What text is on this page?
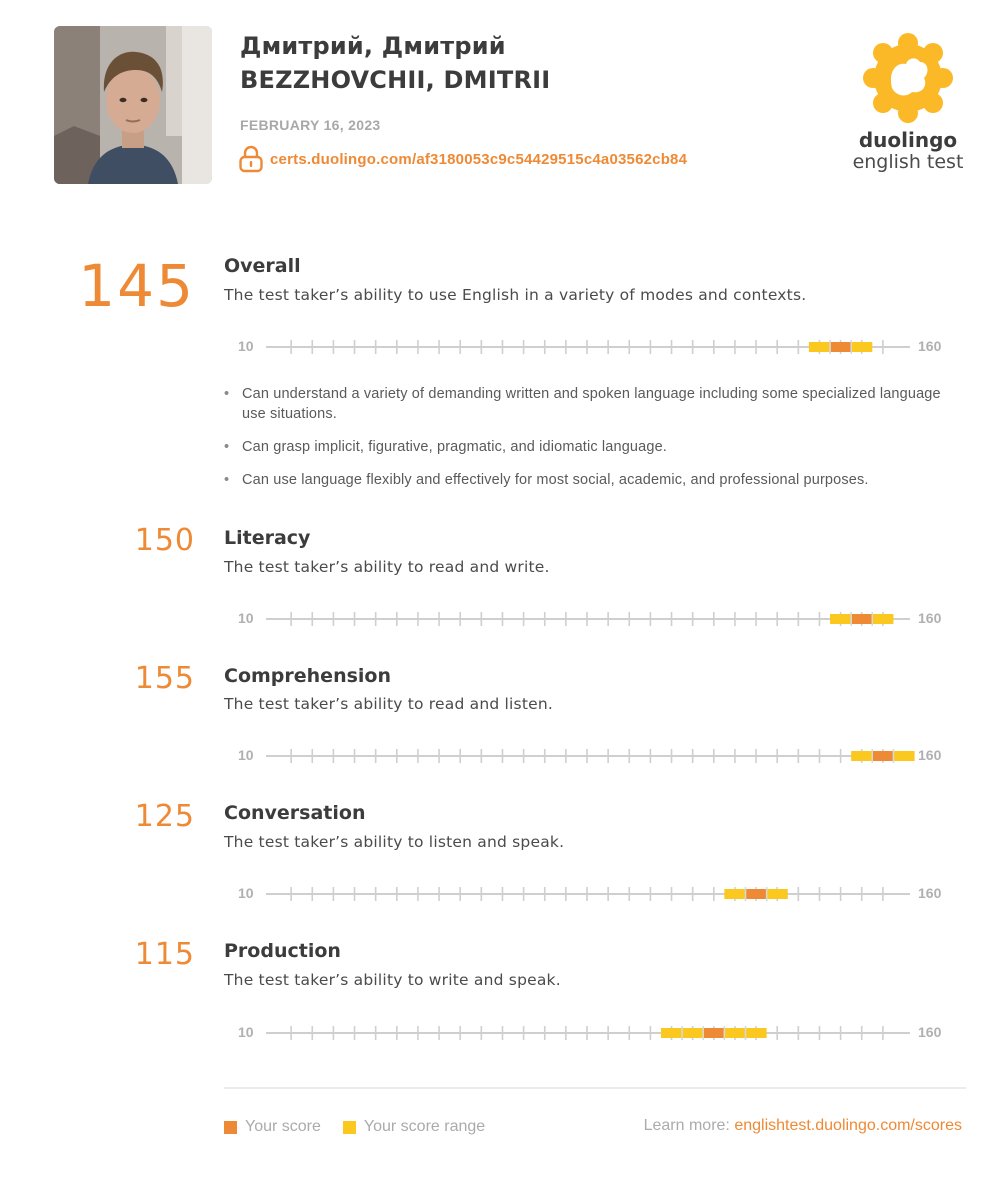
Дмитрий, Дмитрий
BEZZHOVCHII, DMITRII
FEBRUARY 16, 2023
certs.duolingo.com/af3180053c9c54429515c4a03562cb84
duolingo
english test
145 Overall
The test taker’s ability to use English in a variety of modes and contexts.
10	160
• Can understand a variety of demanding written and spoken language including some specialized language use situations.
• Can grasp implicit, figurative, pragmatic, and idiomatic language.
• Can use language flexibly and effectively for most social, academic, and professional purposes.
150 Literacy
The test taker’s ability to read and write.
10	160
155 Comprehension
The test taker’s ability to read and listen.
10	160
125 Conversation
The test taker’s ability to listen and speak.
10	160
115 Production
The test taker’s ability to write and speak.
10	160
Your score	Your score range	Learn more: englishtest.duolingo.com/scores
